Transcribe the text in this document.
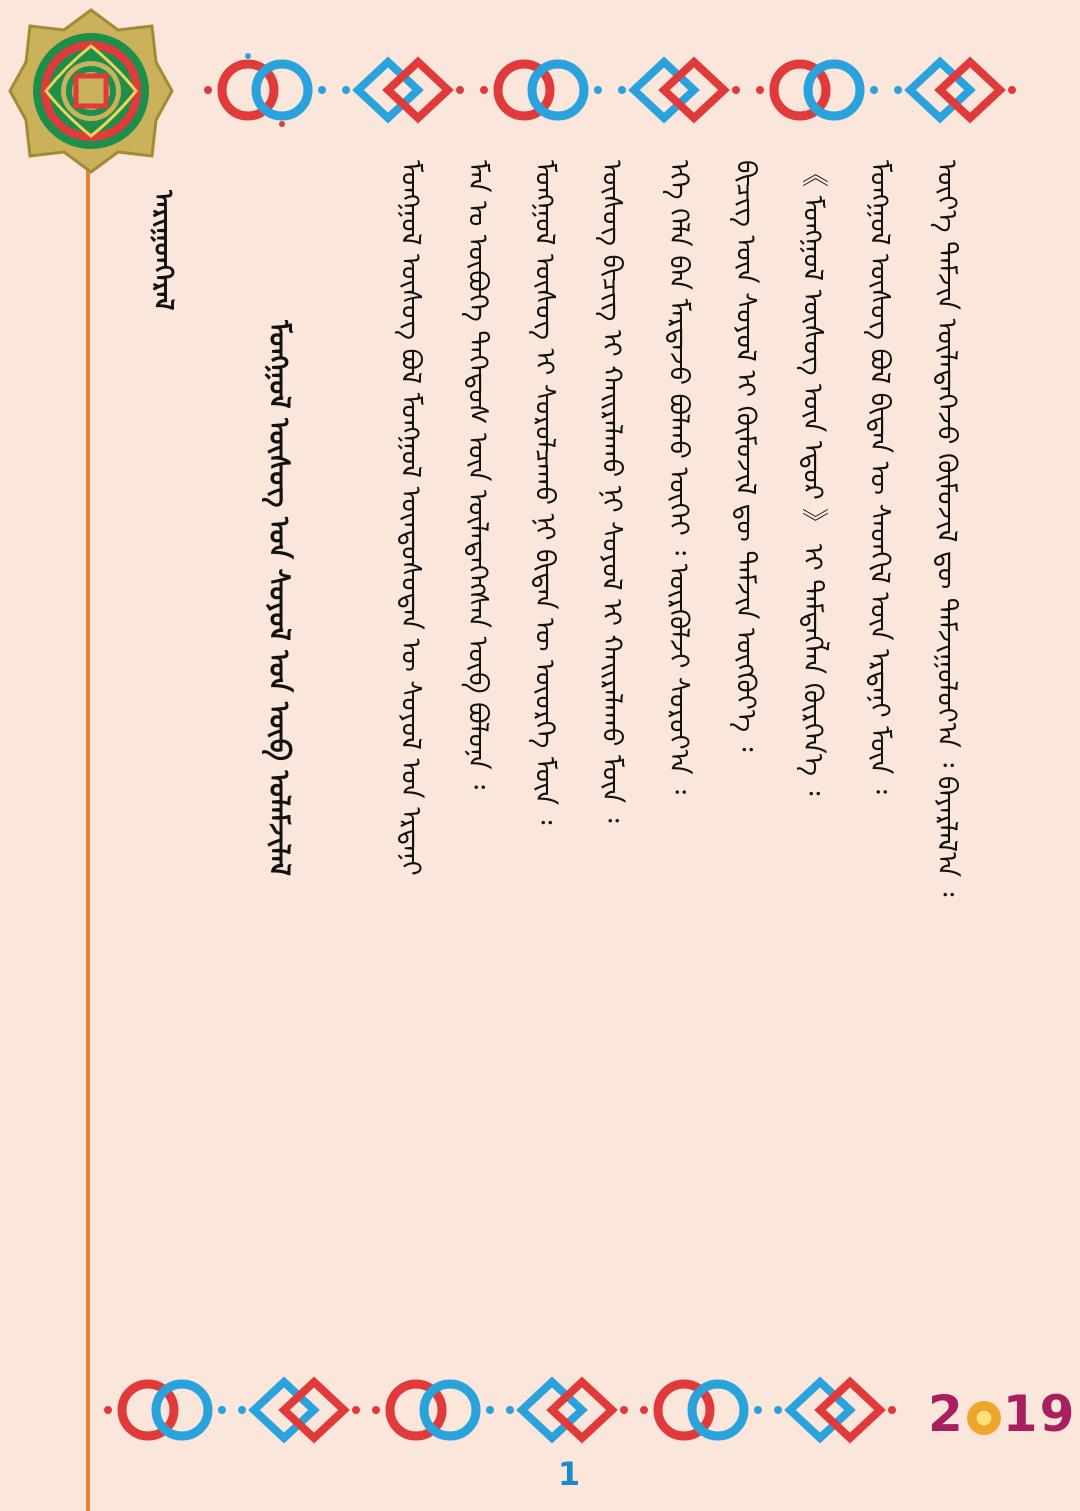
ᠠᠷᠢᠭᠤᠨᠭᠡᠷᠡᠯ
ᠮᠣᠩᠭᠣᠯ ᠦᠰᠦᠭ ᠤᠨ ᠰᠣᠶᠣᠯ ᠤᠨ ᠥᠪ ᠤᠯᠠᠮᠵᠢᠯᠠᠯ	ᠮᠣᠩᠭᠣᠯ ᠦᠰᠦᠭ ᠪᠣᠯ ᠮᠣᠩᠭᠣᠯ ᠦᠨᠳᠦᠰᠦᠲᠡᠨ ᠦ ᠰᠣᠶᠣᠯ ᠤᠨ ᠡᠷᠳᠡᠨᠢ ᠮᠠᠨ ᠤ ᠥᠪᠦᠭᠡ ᠳᠡᠭᠡᠳᠦᠰ ᠦᠨ ᠦᠯᠡᠳᠡᠭᠡᠭᠰᠡᠨ ᠥᠪ ᠪᠣᠯᠤᠨᠠ ᠄ ᠮᠣᠩᠭᠣᠯ ᠦᠰᠦᠭ ᠢ ᠰᠤᠷᠤᠯᠴᠠᠬᠤ ᠨᠢ ᠪᠢᠳᠡᠨ ᠦ ᠦᠦᠷᠭᠡ ᠮᠥᠨ ᠄ ᠦᠰᠦᠭ ᠪᠢᠴᠢᠭ ᠢ ᠬᠠᠢᠷᠠᠯᠠᠬᠤ ᠨᠢ ᠰᠣᠶᠣᠯ ᠢ ᠬᠠᠢᠷᠠᠯᠠᠬᠤ ᠮᠥᠨ ᠄ ᠡᠬᠡ ᠬᠡᠯᠡ ᠪᠡᠨ ᠮᠠᠷᠲᠠᠵᠤ ᠪᠣᠯᠬᠤ ᠦᠭᠡᠢ ᠄ ᠦᠷᠭᠦᠯᠵᠢ ᠰᠤᠷᠤᠶ᠎ᠠ ᠄ ᠪᠢᠴᠢᠭ ᠦᠨ ᠰᠣᠶᠣᠯ ᠢ ᠬᠦᠮᠦᠵᠢᠯ ᠳᠦ ᠳᠡᠮᠵᠢᠨ ᠥᠭᠭᠦᠶ᠎ᠡ ᠄ 《 ᠮᠣᠩᠭᠣᠯ ᠦᠰᠦᠭ ᠦᠨ ᠡᠳᠦᠷ 》 ᠢ ᠲᠡᠮᠳᠡᠭᠯᠡᠨ ᠬᠦᠷᠭᠡᠨ᠎ᠡ ᠄ ᠮᠣᠩᠭᠣᠯ ᠦᠰᠦᠭ ᠪᠣᠯ ᠪᠢᠳᠡᠨ ᠦ ᠰᠡᠳᠬᠢᠯ ᠦᠨ ᠡᠷᠳᠡᠨᠢ ᠮᠥᠨ ᠄ ᠦᠶ᠎ᠡ ᠳᠠᠮᠵᠢᠨ ᠦᠯᠡᠳᠡᠭᠡᠵᠦ ᠬᠦᠮᠦᠵᠢᠯ ᠳᠦ ᠳᠠᠮᠵᠢᠭᠤᠯᠤᠶ᠎ᠠ ᠄ ᠪᠠᠶᠠᠷᠯᠠᠯ᠎ᠠ ᠄
2 19
1
